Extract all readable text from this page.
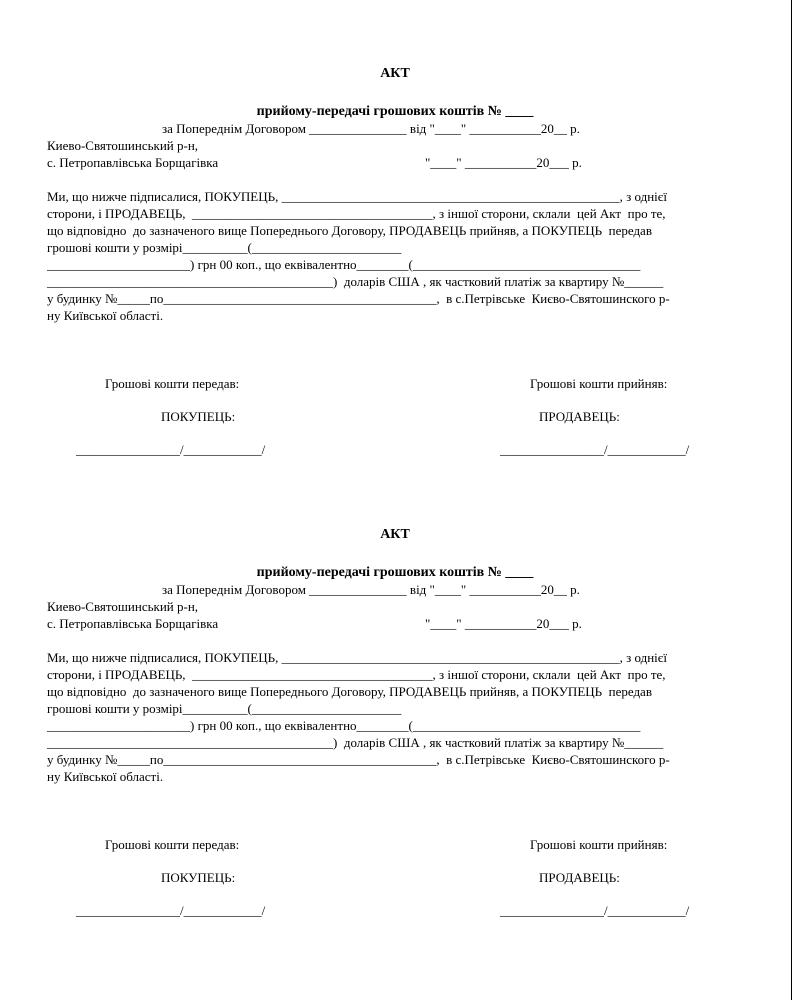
АКТ
прийому-передачі грошових коштів № ____
за Попереднім Договором _______________ від "____" ___________20__ р.
Киево-Святошинський р-н,
с. Петропавлівська Борщагівка	"____" ___________20___ р.
Ми, що нижче підписалися, ПОКУПЕЦЬ, ____________________________________________________, з однієї
сторони, і ПРОДАВЕЦЬ,  _____________________________________, з іншої сторони, склали  цей Акт  про те,
що відповідно  до зазначеного вище Попереднього Договору, ПРОДАВЕЦЬ прийняв, а ПОКУПЕЦЬ  передав
грошові кошти у розмірі__________(_______________________
______________________) грн 00 коп., що еквівалентно________(___________________________________
____________________________________________)  доларів США , як частковий платіж за квартиру №______
у будинку №_____по__________________________________________,  в с.Петрівське  Києво-Святошинского р-
ну Київської області.
Грошові кошти передав:	Грошові кошти прийняв:
ПОКУПЕЦЬ:	ПРОДАВЕЦЬ:
________________/____________/	________________/____________/
АКТ
прийому-передачі грошових коштів № ____
за Попереднім Договором _______________ від "____" ___________20__ р.
Киево-Святошинський р-н,
с. Петропавлівська Борщагівка	"____" ___________20___ р.
Ми, що нижче підписалися, ПОКУПЕЦЬ, ____________________________________________________, з однієї
сторони, і ПРОДАВЕЦЬ,  _____________________________________, з іншої сторони, склали  цей Акт  про те,
що відповідно  до зазначеного вище Попереднього Договору, ПРОДАВЕЦЬ прийняв, а ПОКУПЕЦЬ  передав
грошові кошти у розмірі__________(_______________________
______________________) грн 00 коп., що еквівалентно________(___________________________________
____________________________________________)  доларів США , як частковий платіж за квартиру №______
у будинку №_____по__________________________________________,  в с.Петрівське  Києво-Святошинского р-
ну Київської області.
Грошові кошти передав:	Грошові кошти прийняв:
ПОКУПЕЦЬ:	ПРОДАВЕЦЬ:
________________/____________/	________________/____________/
